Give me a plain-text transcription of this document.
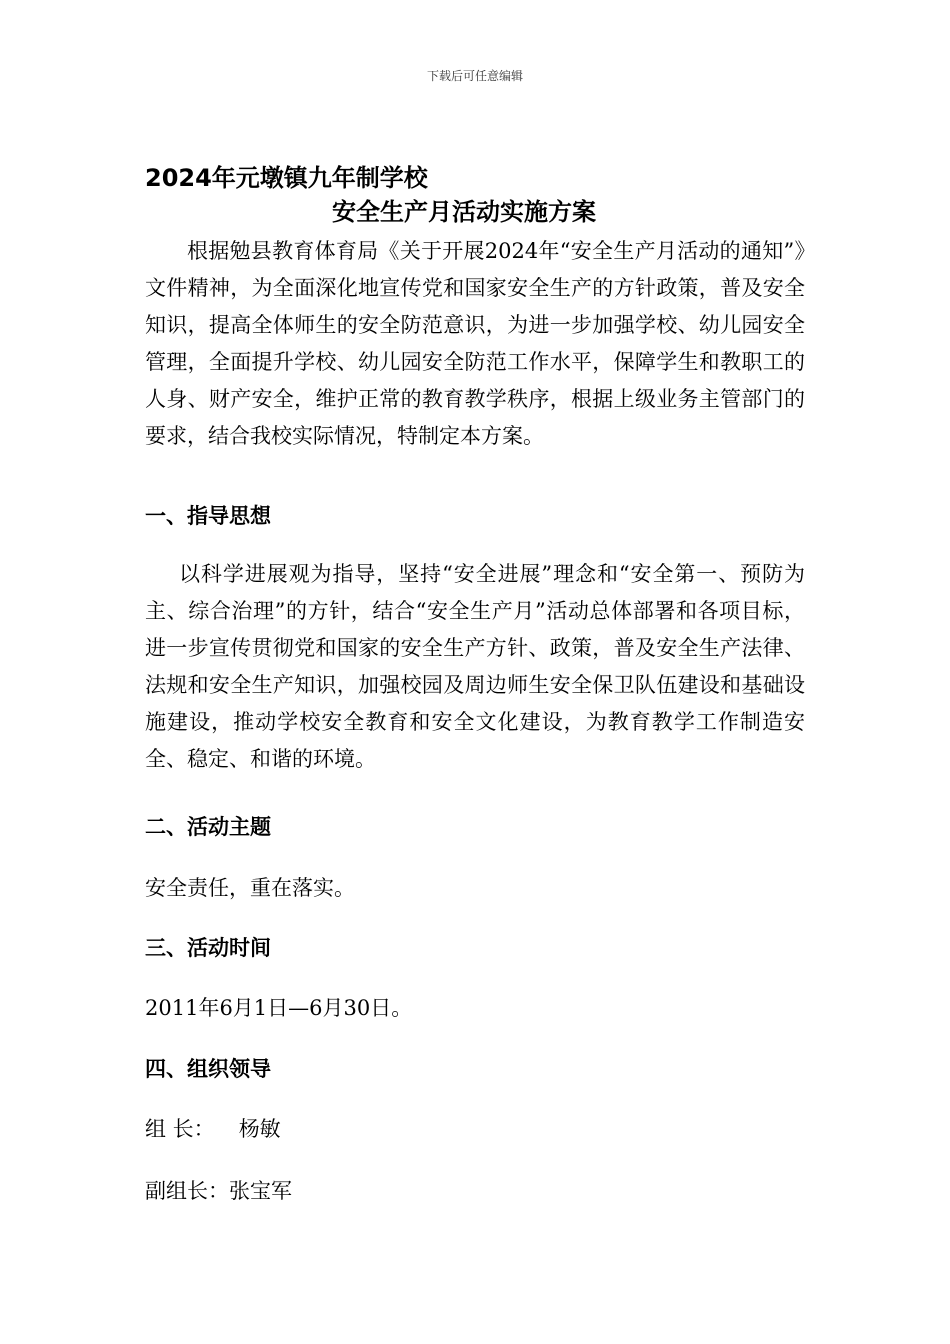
下载后可任意编辑
2024年元墩镇九年制学校
安全生产月活动实施方案
根据勉县教育体育局《关于开展2024年“安全生产月活动的通知”》文件精神，为全面深化地宣传党和国家安全生产的方针政策，普及安全知识，提高全体师生的安全防范意识，为进一步加强学校、幼儿园安全管理，全面提升学校、幼儿园安全防范工作水平，保障学生和教职工的人身、财产安全，维护正常的教育教学秩序，根据上级业务主管部门的要求，结合我校实际情况，特制定本方案。
一、指导思想
以科学进展观为指导，坚持“安全进展”理念和“安全第一、预防为主、综合治理”的方针，结合“安全生产月”活动总体部署和各项目标，进一步宣传贯彻党和国家的安全生产方针、政策，普及安全生产法律、法规和安全生产知识，加强校园及周边师生安全保卫队伍建设和基础设施建设，推动学校安全教育和安全文化建设，为教育教学工作制造安全、稳定、和谐的环境。
二、活动主题
安全责任，重在落实。
三、活动时间
2011年6月1日—6月30日。
四、组织领导
组 长： 杨敏
副组长：张宝军
